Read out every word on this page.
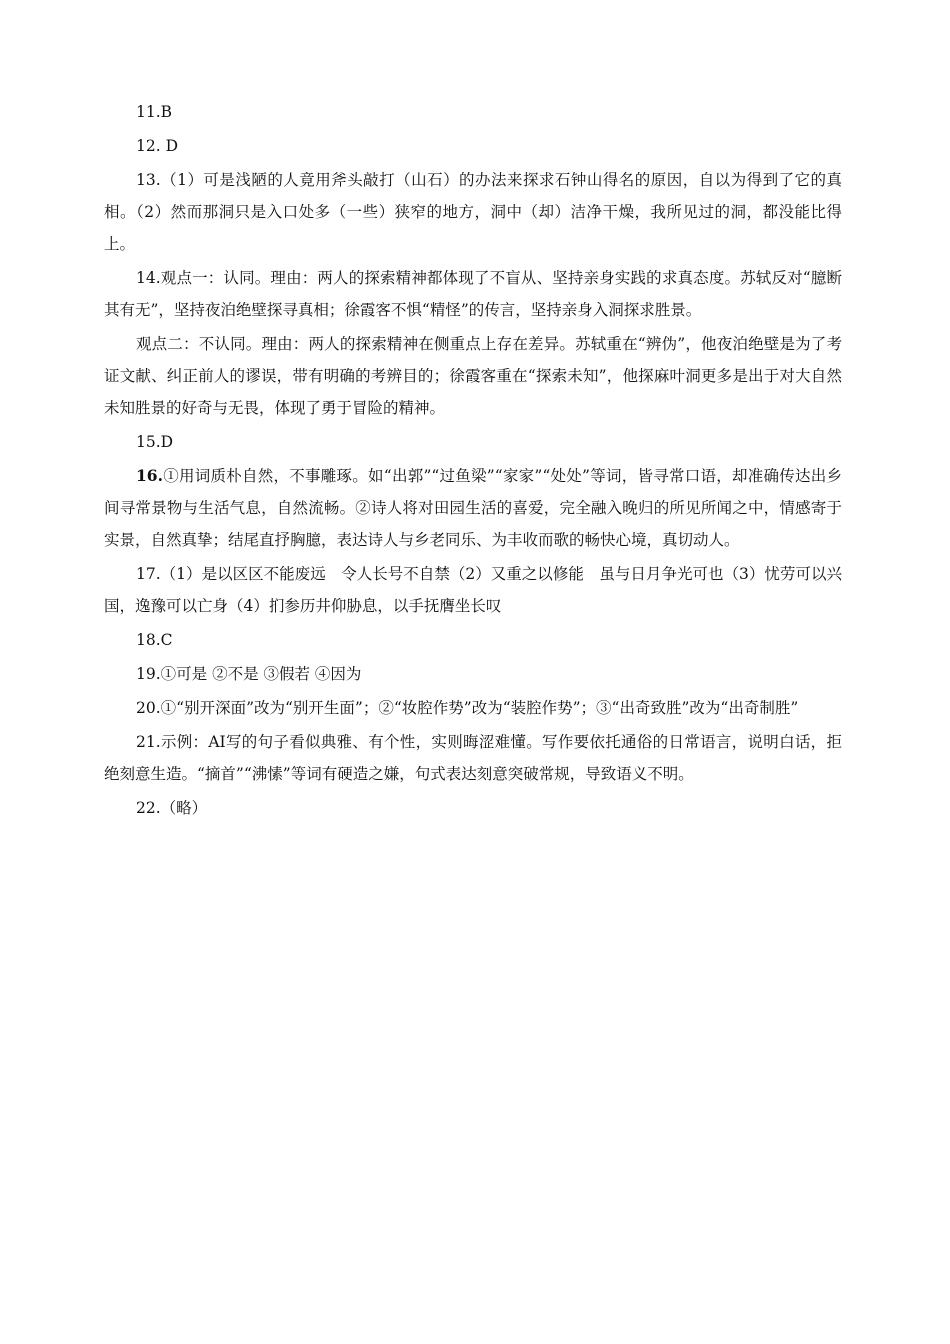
11.B

12. D

13.（1）可是浅陋的人竟用斧头敲打（山石）的办法来探求石钟山得名的原因，自以为得到了它的真相。（2）然而那洞只是入口处多（一些）狭窄的地方，洞中（却）洁净干燥，我所见过的洞，都没能比得上。

14.观点一：认同。理由：两人的探索精神都体现了不盲从、坚持亲身实践的求真态度。苏轼反对“臆断其有无”，坚持夜泊绝壁探寻真相；徐霞客不惧“精怪”的传言，坚持亲身入洞探求胜景。

观点二：不认同。理由：两人的探索精神在侧重点上存在差异。苏轼重在“辨伪”，他夜泊绝壁是为了考证文献、纠正前人的谬误，带有明确的考辨目的；徐霞客重在“探索未知”，他探麻叶洞更多是出于对大自然未知胜景的好奇与无畏，体现了勇于冒险的精神。

15.D

16.①用词质朴自然，不事雕琢。如“出郭”“过鱼梁”“家家”“处处”等词，皆寻常口语，却准确传达出乡间寻常景物与生活气息，自然流畅。②诗人将对田园生活的喜爱，完全融入晚归的所见所闻之中，情感寄于实景，自然真挚；结尾直抒胸臆，表达诗人与乡老同乐、为丰收而歌的畅快心境，真切动人。

17.（1）是以区区不能废远　令人长号不自禁（2）又重之以修能　虽与日月争光可也（3）忧劳可以兴国，逸豫可以亡身（4）扪参历井仰胁息，以手抚膺坐长叹

18.C

19.①可是 ②不是 ③假若 ④因为

20.①“别开深面”改为“别开生面”；②“妆腔作势”改为“装腔作势”；③“出奇致胜”改为“出奇制胜”

21.示例：AI写的句子看似典雅、有个性，实则晦涩难懂。写作要依托通俗的日常语言，说明白话，拒绝刻意生造。“摘首”“沸愫”等词有硬造之嫌，句式表达刻意突破常规，导致语义不明。

22.（略）
